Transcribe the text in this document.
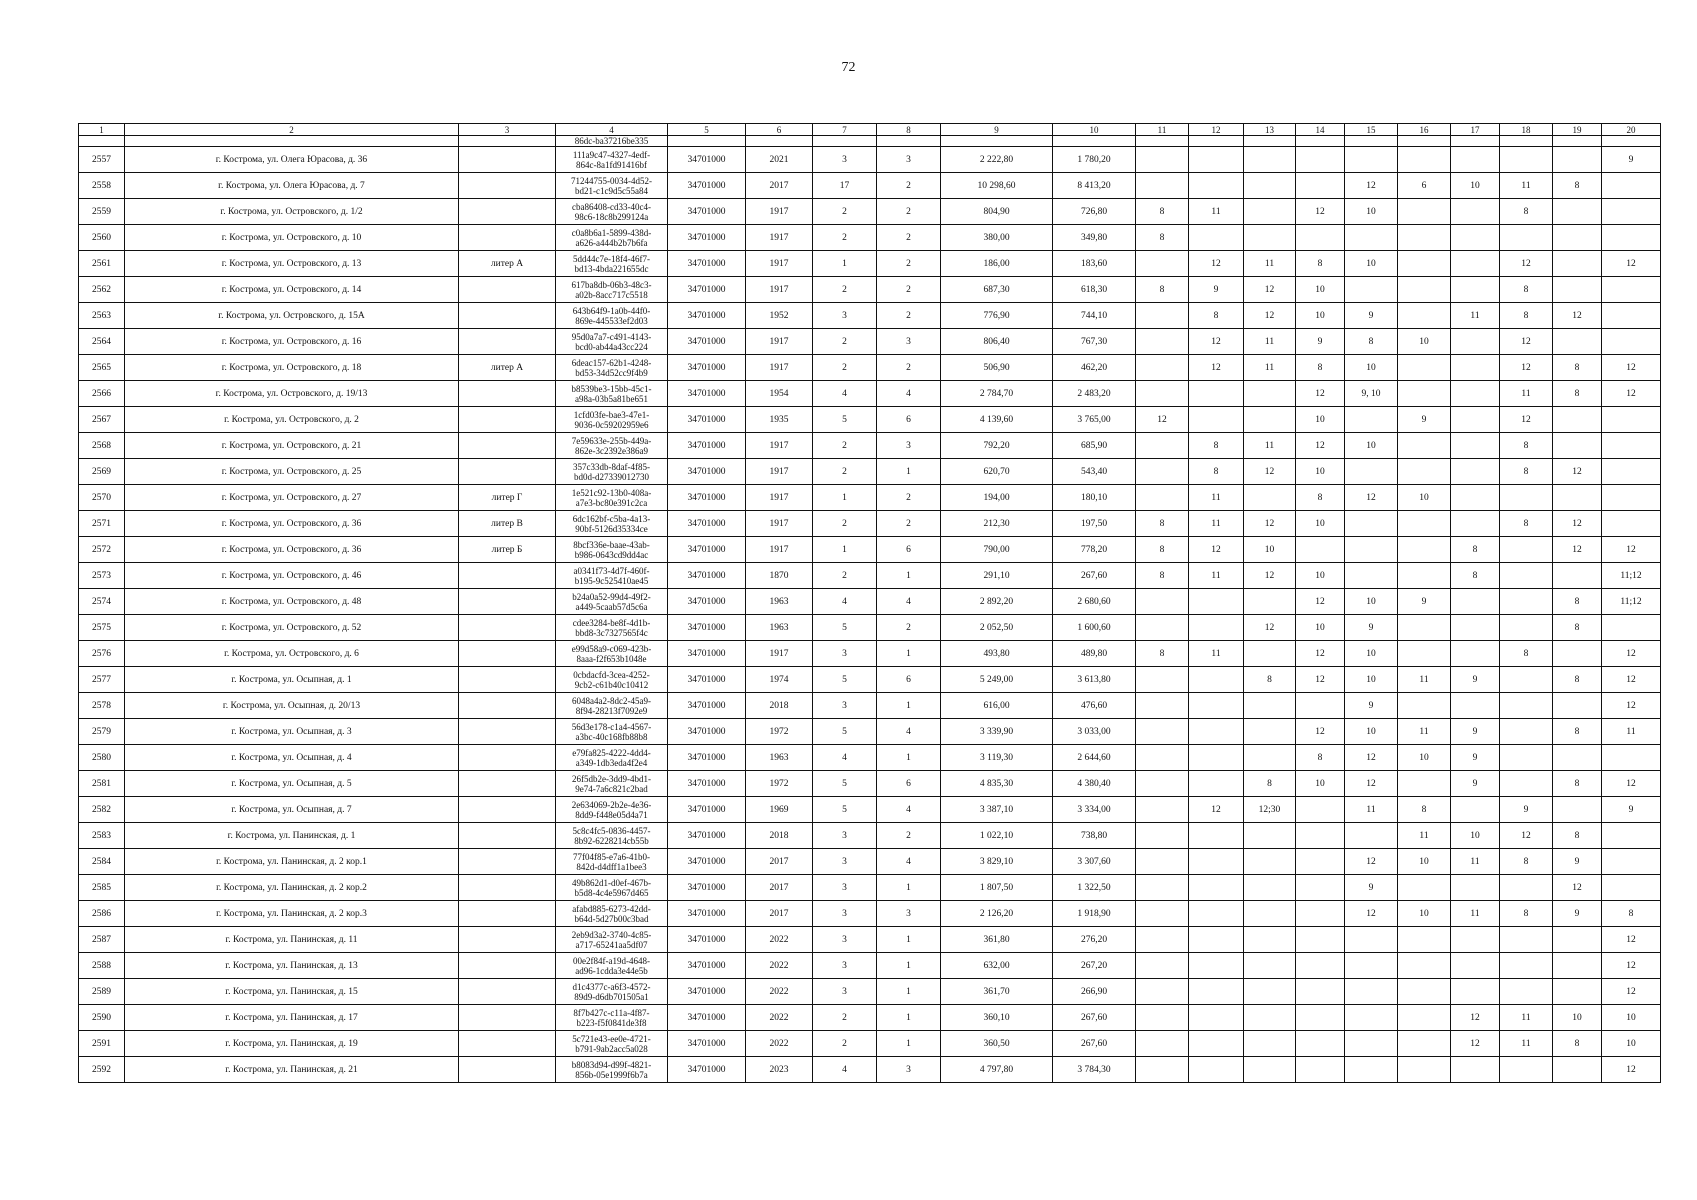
72
1	2	3	4	5	6	7	8	9	10	11	12	13	14	15	16	17	18	19	20
			86dc-ba37216be335																
2557	г. Кострома, ул. Олега Юрасова, д. 36		111a9c47-4327-4edf-
864c-8a1fd91416bf	34701000	2021	3	3	2 222,80	1 780,20										9
2558	г. Кострома, ул. Олега Юрасова, д. 7		71244755-0034-4d52-
bd21-c1c9d5c55a84	34701000	2017	17	2	10 298,60	8 413,20					12	6	10	11	8	
2559	г. Кострома, ул. Островского, д. 1/2		cba86408-cd33-40c4-
98c6-18c8b299124a	34701000	1917	2	2	804,90	726,80	8	11		12	10			8		
2560	г. Кострома, ул. Островского, д. 10		c0a8b6a1-5899-438d-
a626-a444b2b7b6fa	34701000	1917	2	2	380,00	349,80	8									
2561	г. Кострома, ул. Островского, д. 13	литер А	5dd44c7e-18f4-46f7-
bd13-4bda221655dc	34701000	1917	1	2	186,00	183,60		12	11	8	10			12		12
2562	г. Кострома, ул. Островского, д. 14		617ba8db-06b3-48c3-
a02b-8acc717c5518	34701000	1917	2	2	687,30	618,30	8	9	12	10				8		
2563	г. Кострома, ул. Островского, д. 15А		643b64f9-1a0b-44f0-
869e-445533ef2d03	34701000	1952	3	2	776,90	744,10		8	12	10	9		11	8	12	
2564	г. Кострома, ул. Островского, д. 16		95d0a7a7-c491-4143-
bcd0-ab44a43cc224	34701000	1917	2	3	806,40	767,30		12	11	9	8	10		12		
2565	г. Кострома, ул. Островского, д. 18	литер А	6deac157-62b1-4248-
bd53-34d52cc9f4b9	34701000	1917	2	2	506,90	462,20		12	11	8	10			12	8	12
2566	г. Кострома, ул. Островского, д. 19/13		b8539be3-15bb-45c1-
a98a-03b5a81be651	34701000	1954	4	4	2 784,70	2 483,20				12	9, 10			11	8	12
2567	г. Кострома, ул. Островского, д. 2		1cfd03fe-bae3-47e1-
9036-0c59202959e6	34701000	1935	5	6	4 139,60	3 765,00	12			10		9		12		
2568	г. Кострома, ул. Островского, д. 21		7e59633e-255b-449a-
862e-3c2392e386a9	34701000	1917	2	3	792,20	685,90		8	11	12	10			8		
2569	г. Кострома, ул. Островского, д. 25		357c33db-8daf-4f85-
bd0d-d27339012730	34701000	1917	2	1	620,70	543,40		8	12	10				8	12	
2570	г. Кострома, ул. Островского, д. 27	литер Г	1e521c92-13b0-408a-
a7e3-bc80e391c2ca	34701000	1917	1	2	194,00	180,10		11		8	12	10				
2571	г. Кострома, ул. Островского, д. 36	литер В	6dc162bf-c5ba-4a13-
90bf-5126d35334ce	34701000	1917	2	2	212,30	197,50	8	11	12	10				8	12	
2572	г. Кострома, ул. Островского, д. 36	литер Б	8bcf336e-baae-43ab-
b986-0643cd9dd4ac	34701000	1917	1	6	790,00	778,20	8	12	10				8		12	12
2573	г. Кострома, ул. Островского, д. 46		a0341f73-4d7f-460f-
b195-9c525410ae45	34701000	1870	2	1	291,10	267,60	8	11	12	10			8			11;12
2574	г. Кострома, ул. Островского, д. 48		b24a0a52-99d4-49f2-
a449-5caab57d5c6a	34701000	1963	4	4	2 892,20	2 680,60				12	10	9			8	11;12
2575	г. Кострома, ул. Островского, д. 52		cdee3284-be8f-4d1b-
bbd8-3c7327565f4c	34701000	1963	5	2	2 052,50	1 600,60			12	10	9				8	
2576	г. Кострома, ул. Островского, д. 6		e99d58a9-c069-423b-
8aaa-f2f653b1048e	34701000	1917	3	1	493,80	489,80	8	11		12	10			8		12
2577	г. Кострома, ул. Осыпная, д. 1		0cbdacfd-3cea-4252-
9cb2-c61b40c10412	34701000	1974	5	6	5 249,00	3 613,80			8	12	10	11	9		8	12
2578	г. Кострома, ул. Осыпная, д. 20/13		6048a4a2-8dc2-45a9-
8f94-28213f7092e9	34701000	2018	3	1	616,00	476,60					9					12
2579	г. Кострома, ул. Осыпная, д. 3		56d3e178-c1a4-4567-
a3bc-40c168fb88b8	34701000	1972	5	4	3 339,90	3 033,00				12	10	11	9		8	11
2580	г. Кострома, ул. Осыпная, д. 4		e79fa825-4222-4dd4-
a349-1db3eda4f2e4	34701000	1963	4	1	3 119,30	2 644,60				8	12	10	9			
2581	г. Кострома, ул. Осыпная, д. 5		26f5db2e-3dd9-4bd1-
9e74-7a6c821c2bad	34701000	1972	5	6	4 835,30	4 380,40			8	10	12		9		8	12
2582	г. Кострома, ул. Осыпная, д. 7		2e634069-2b2e-4e36-
8dd9-f448e05d4a71	34701000	1969	5	4	3 387,10	3 334,00		12	12;30		11	8		9		9
2583	г. Кострома, ул. Панинская, д. 1		5c8c4fc5-0836-4457-
8b92-6228214cb55b	34701000	2018	3	2	1 022,10	738,80						11	10	12	8	
2584	г. Кострома, ул. Панинская, д. 2 кор.1		77f04f85-e7a6-41b0-
842d-d4dff1a1bee3	34701000	2017	3	4	3 829,10	3 307,60					12	10	11	8	9	
2585	г. Кострома, ул. Панинская, д. 2 кор.2		49b862d1-d0ef-467b-
b5d8-4c4e5967d465	34701000	2017	3	1	1 807,50	1 322,50					9				12	
2586	г. Кострома, ул. Панинская, д. 2 кор.3		afabd885-6273-42dd-
b64d-5d27b00c3bad	34701000	2017	3	3	2 126,20	1 918,90					12	10	11	8	9	8
2587	г. Кострома, ул. Панинская, д. 11		2eb9d3a2-3740-4c85-
a717-65241aa5df07	34701000	2022	3	1	361,80	276,20										12
2588	г. Кострома, ул. Панинская, д. 13		00e2f84f-a19d-4648-
ad96-1cdda3e44e5b	34701000	2022	3	1	632,00	267,20										12
2589	г. Кострома, ул. Панинская, д. 15		d1c4377c-a6f3-4572-
89d9-d6db701505a1	34701000	2022	3	1	361,70	266,90										12
2590	г. Кострома, ул. Панинская, д. 17		8f7b427c-c11a-4f87-
b223-f5f0841de3f8	34701000	2022	2	1	360,10	267,60							12	11	10	10
2591	г. Кострома, ул. Панинская, д. 19		5c721e43-ee0e-4721-
b791-9ab2acc5a028	34701000	2022	2	1	360,50	267,60							12	11	8	10
2592	г. Кострома, ул. Панинская, д. 21		b8083d94-d99f-4821-
856b-05e1999f6b7a	34701000	2023	4	3	4 797,80	3 784,30										12
